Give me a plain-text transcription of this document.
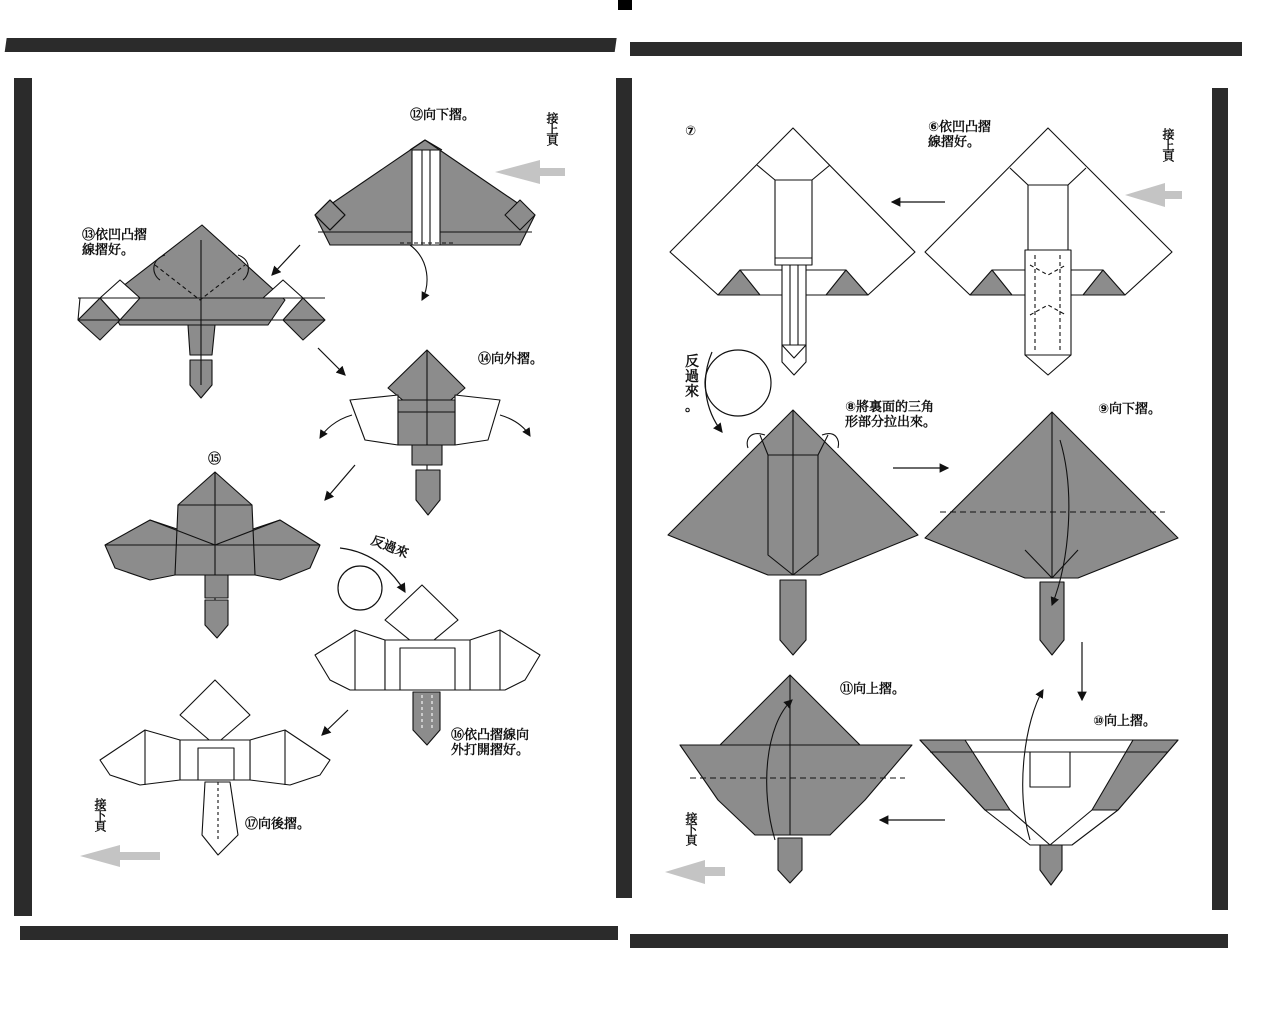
⑫向下摺。	接上頁
⑬依凹凸摺
線摺好。
⑭向外摺。
⑮
反過來
⑯依凸摺線向
外打開摺好。
⑰向後摺。
接下頁
⑦	⑥依凹凸摺
線摺好。	接上頁
反
過
來
。	⑧將裏面的三角
形部分拉出來。
⑨向下摺。
⑪向上摺。
⑩向上摺。
接下頁
